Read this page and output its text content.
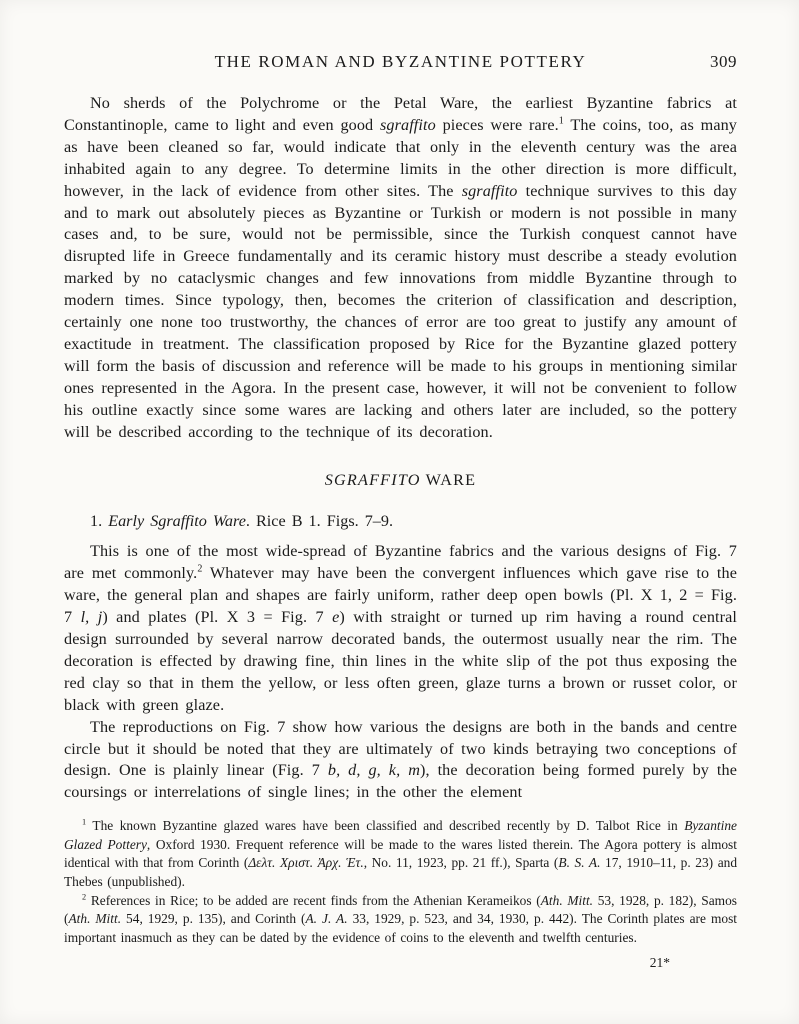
THE ROMAN AND BYZANTINE POTTERY	309

No sherds of the Polychrome or the Petal Ware, the earliest Byzantine fabrics at Constantinople, came to light and even good sgraffito pieces were rare.$^1$ The coins, too, as many as have been cleaned so far, would indicate that only in the eleventh century was the area inhabited again to any degree. To determine limits in the other direction is more difficult, however, in the lack of evidence from other sites. The sgraffito technique survives to this day and to mark out absolutely pieces as Byzantine or Turkish or modern is not possible in many cases and, to be sure, would not be permissible, since the Turkish conquest cannot have disrupted life in Greece fundamentally and its ceramic history must describe a steady evolution marked by no cataclysmic changes and few innovations from middle Byzantine through to modern times. Since typology, then, becomes the criterion of classification and description, certainly one none too trustworthy, the chances of error are too great to justify any amount of exactitude in treatment. The classification proposed by Rice for the Byzantine glazed pottery will form the basis of discussion and reference will be made to his groups in mentioning similar ones represented in the Agora. In the present case, however, it will not be convenient to follow his outline exactly since some wares are lacking and others later are included, so the pottery will be described according to the technique of its decoration.

SGRAFFITO WARE

1. Early Sgraffito Ware. Rice B 1. Figs. 7–9.

This is one of the most wide-spread of Byzantine fabrics and the various designs of Fig. 7 are met commonly.$^2$ Whatever may have been the convergent influences which gave rise to the ware, the general plan and shapes are fairly uniform, rather deep open bowls (Pl. X 1, 2 = Fig. 7 l, j) and plates (Pl. X 3 = Fig. 7 e) with straight or turned up rim having a round central design surrounded by several narrow decorated bands, the outermost usually near the rim. The decoration is effected by drawing fine, thin lines in the white slip of the pot thus exposing the red clay so that in them the yellow, or less often green, glaze turns a brown or russet color, or black with green glaze.

The reproductions on Fig. 7 show how various the designs are both in the bands and centre circle but it should be noted that they are ultimately of two kinds betraying two conceptions of design. One is plainly linear (Fig. 7 b, d, g, k, m), the decoration being formed purely by the coursings or interrelations of single lines; in the other the element

$^1$ The known Byzantine glazed wares have been classified and described recently by D. Talbot Rice in Byzantine Glazed Pottery, Oxford 1930. Frequent reference will be made to the wares listed therein. The Agora pottery is almost identical with that from Corinth (Δελτ. Χριστ. Ἀρχ. Ἑτ., No. 11, 1923, pp. 21 ff.), Sparta (B. S. A. 17, 1910–11, p. 23) and Thebes (unpublished).

$^2$ References in Rice; to be added are recent finds from the Athenian Kerameikos (Ath. Mitt. 53, 1928, p. 182), Samos (Ath. Mitt. 54, 1929, p. 135), and Corinth (A. J. A. 33, 1929, p. 523, and 34, 1930, p. 442). The Corinth plates are most important inasmuch as they can be dated by the evidence of coins to the eleventh and twelfth centuries.

21*
